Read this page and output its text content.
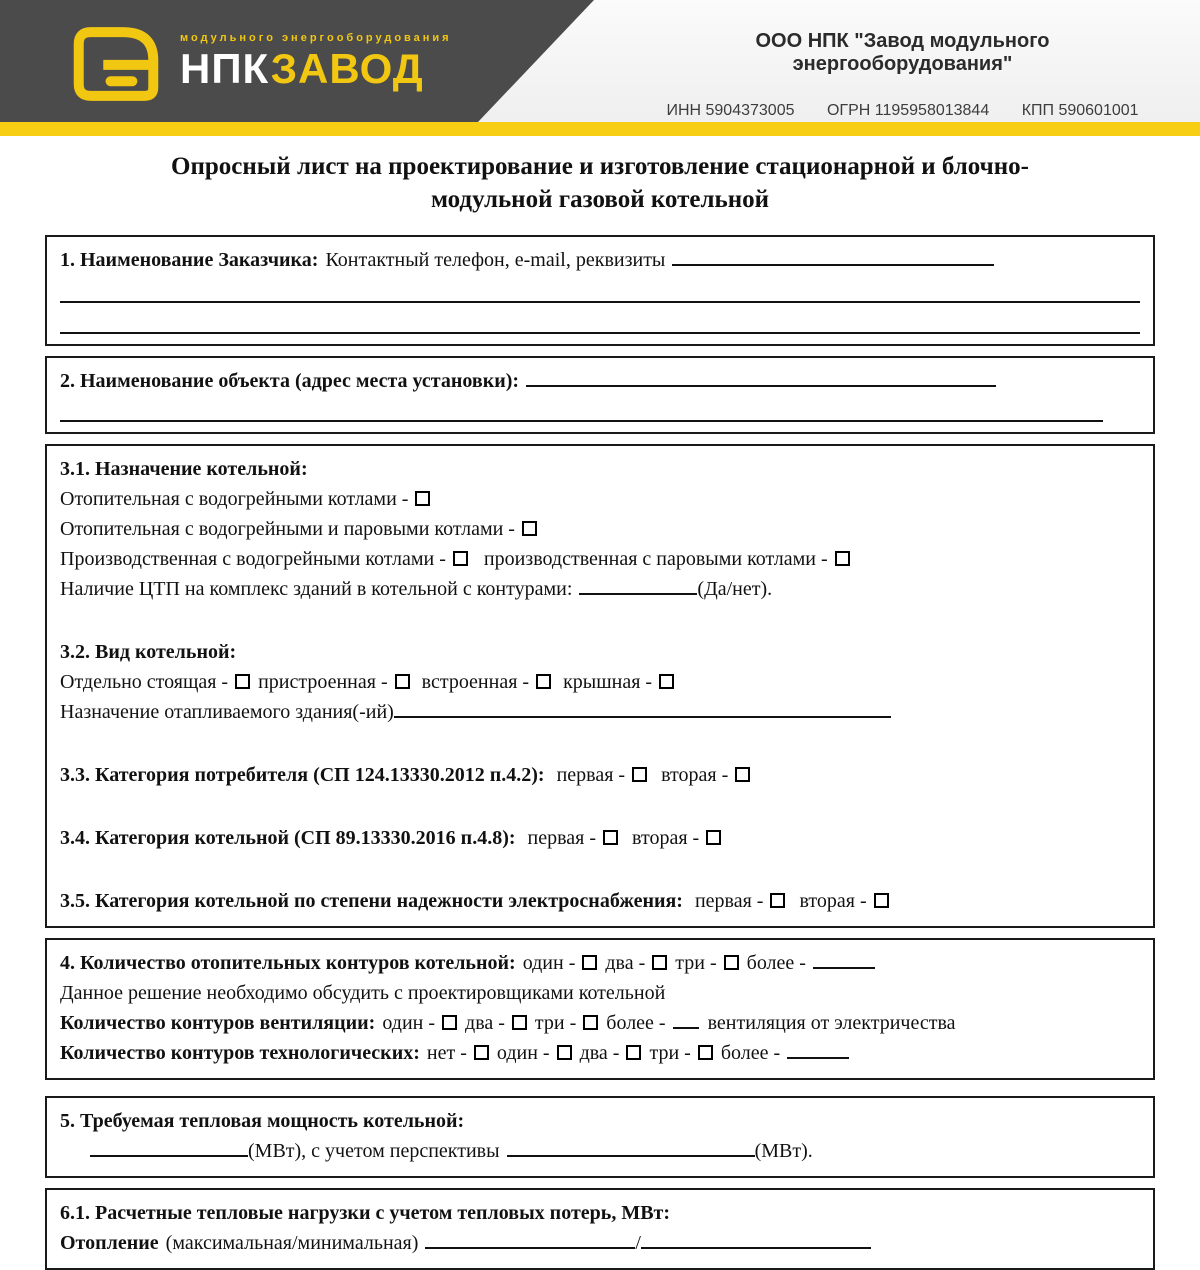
модульного энергооборудования
НПКЗАВОД
ООО НПК "Завод модульного энергооборудования"
ИНН 5904373005 ОГРН 1195958013844 КПП 590601001
Опросный лист на проектирование и изготовление стационарной и блочно-
модульной газовой котельной
1. Наименование Заказчика: Контактный телефон, e-mail, реквизиты
2. Наименование объекта (адрес места установки):
3.1. Назначение котельной:
Отопительная с водогрейными котлами -
Отопительная с водогрейными и паровыми котлами -
Производственная с водогрейными котлами - производственная с паровыми котлами -
Наличие ЦТП на комплекс зданий в котельной с контурами:	(Да/нет).
3.2. Вид котельной:
Отдельно стоящая - пристроенная - встроенная - крышная -
Назначение отапливаемого здания(-ий)
3.3. Категория потребителя (СП 124.13330.2012 п.4.2): первая - вторая -
3.4. Категория котельной (СП 89.13330.2016 п.4.8): первая - вторая -
3.5. Категория котельной по степени надежности электроснабжения: первая - вторая -
4. Количество отопительных контуров котельной: один - два - три - более -
Данное решение необходимо обсудить с проектировщиками котельной
Количество контуров вентиляции: один - два - три - более - вентиляция от электричества
Количество контуров технологических: нет - один - два - три - более -
5. Требуемая тепловая мощность котельной:
(МВт), с учетом перспективы	(МВт).
6.1. Расчетные тепловые нагрузки с учетом тепловых потерь, МВт:
Отопление (максимальная/минимальная)	/
